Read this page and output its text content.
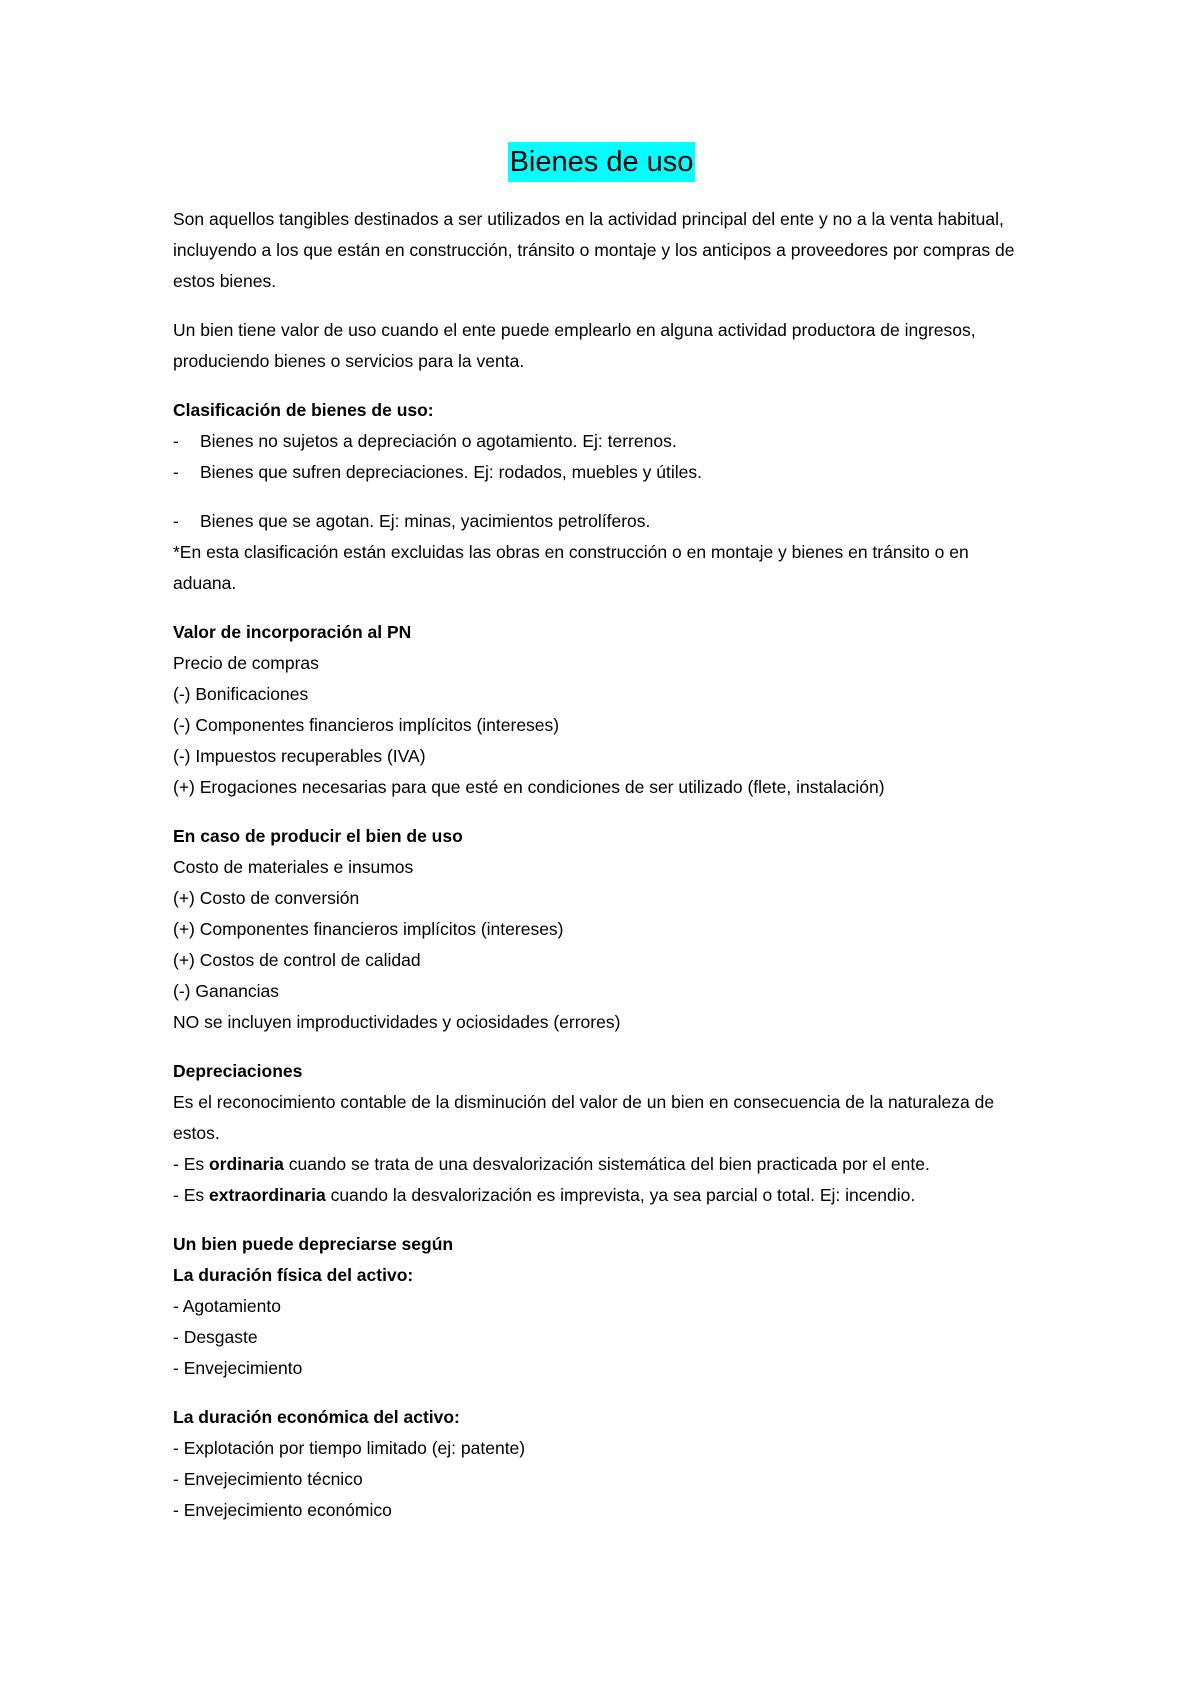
Bienes de uso

Son aquellos tangibles destinados a ser utilizados en la actividad principal del ente y no a la venta habitual, incluyendo a los que están en construcción, tránsito o montaje y los anticipos a proveedores por compras de estos bienes.

Un bien tiene valor de uso cuando el ente puede emplearlo en alguna actividad productora de ingresos, produciendo bienes o servicios para la venta.

Clasificación de bienes de uso:

- Bienes no sujetos a depreciación o agotamiento. Ej: terrenos.

- Bienes que sufren depreciaciones. Ej: rodados, muebles y útiles.

- Bienes que se agotan. Ej: minas, yacimientos petrolíferos.

*En esta clasificación están excluidas las obras en construcción o en montaje y bienes en tránsito o en aduana.

Valor de incorporación al PN

Precio de compras

(-) Bonificaciones

(-) Componentes financieros implícitos (intereses)

(-) Impuestos recuperables (IVA)

(+) Erogaciones necesarias para que esté en condiciones de ser utilizado (flete, instalación)

En caso de producir el bien de uso

Costo de materiales e insumos

(+) Costo de conversión

(+) Componentes financieros implícitos (intereses)

(+) Costos de control de calidad

(-) Ganancias

NO se incluyen improductividades y ociosidades (errores)

Depreciaciones

Es el reconocimiento contable de la disminución del valor de un bien en consecuencia de la naturaleza de estos.

- Es ordinaria cuando se trata de una desvalorización sistemática del bien practicada por el ente.

- Es extraordinaria cuando la desvalorización es imprevista, ya sea parcial o total. Ej: incendio.

Un bien puede depreciarse según

La duración física del activo:

- Agotamiento

- Desgaste

- Envejecimiento

La duración económica del activo:

- Explotación por tiempo limitado (ej: patente)

- Envejecimiento técnico

- Envejecimiento económico
